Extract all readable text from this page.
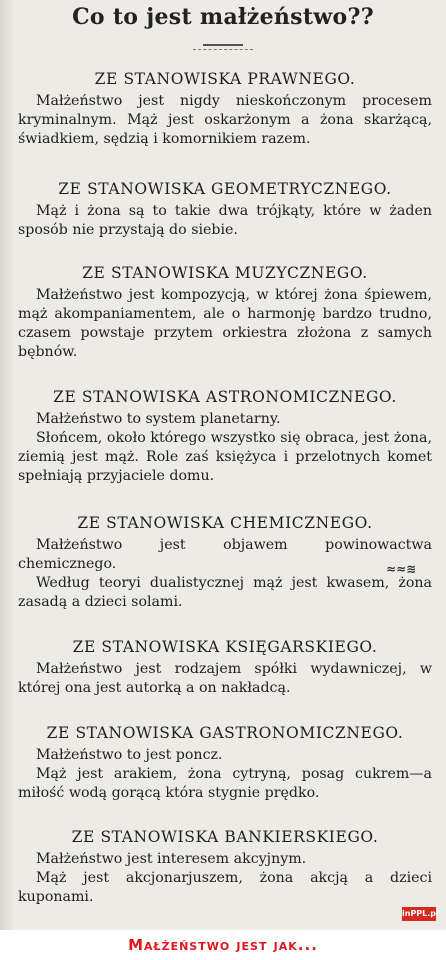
Co to jest małżeństwo??
ZE STANOWISKA PRAWNEGO.

Małżeństwo jest nigdy nieskończonym procesem kryminalnym. Mąż jest oskarżonym a żona skarżącą, świadkiem, sędzią i komornikiem razem.

ZE STANOWISKA GEOMETRYCZNEGO.

Mąż i żona są to takie dwa trójkąty, które w żaden sposób nie przystają do siebie.

ZE STANOWISKA MUZYCZNEGO.

Małżeństwo jest kompozycją, w której żona śpiewem, mąż akompaniamentem, ale o harmonję bardzo trudno, czasem powstaje przytem orkiestra złożona z samych bębnów.

ZE STANOWISKA ASTRONOMICZNEGO.

Małżeństwo to system planetarny.

Słońcem, około którego wszystko się obraca, jest żona, ziemią jest mąż. Role zaś księżyca i przelotnych komet spełniają przyjaciele domu.

ZE STANOWISKA CHEMICZNEGO.

Małżeństwo jest objawem powinowactwa chemicznego.

Według teoryi dualistycznej mąż jest kwasem, żona zasadą a dzieci solami.

≈≈≋
ZE STANOWISKA KSIĘGARSKIEGO.

Małżeństwo jest rodzajem spółki wydawniczej, w której ona jest autorką a on nakładcą.

ZE STANOWISKA GASTRONOMICZNEGO.

Małżeństwo to jest poncz.

Mąż jest arakiem, żona cytryną, posag cukrem—a miłość wodą gorącą która stygnie prędko.

ZE STANOWISKA BANKIERSKIEGO.

Małżeństwo jest interesem akcyjnym.

Mąż jest akcjonarjuszem, żona akcją a dzieci kuponami.

inPPL.pl
Małżeństwo jest jak...
